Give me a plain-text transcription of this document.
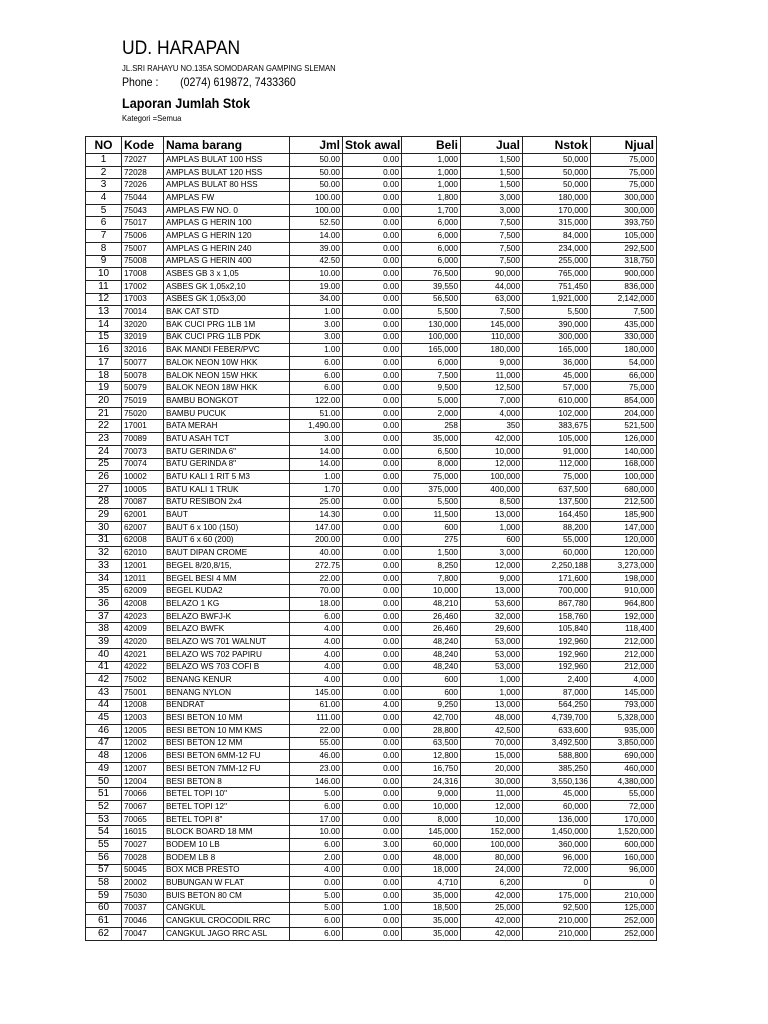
UD. HARAPAN
JL.SRI RAHAYU NO.135A SOMODARAN GAMPING SLEMAN
Phone : (0274) 619872, 7433360
Laporan Jumlah Stok
Kategori =Semua
NO	Kode	Nama barang	Jml	Stok awal	Beli	Jual	Nstok	Njual
1	72027	AMPLAS BULAT 100 HSS	50.00	0.00	1,000	1,500	50,000	75,000
2	72028	AMPLAS BULAT 120 HSS	50.00	0.00	1,000	1,500	50,000	75,000
3	72026	AMPLAS BULAT 80 HSS	50.00	0.00	1,000	1,500	50,000	75,000
4	75044	AMPLAS FW	100.00	0.00	1,800	3,000	180,000	300,000
5	75043	AMPLAS FW NO. 0	100.00	0.00	1,700	3,000	170,000	300,000
6	75017	AMPLAS G HERIN 100	52.50	0.00	6,000	7,500	315,000	393,750
7	75006	AMPLAS G HERIN 120	14.00	0.00	6,000	7,500	84,000	105,000
8	75007	AMPLAS G HERIN 240	39.00	0.00	6,000	7,500	234,000	292,500
9	75008	AMPLAS G HERIN 400	42.50	0.00	6,000	7,500	255,000	318,750
10	17008	ASBES GB 3 x 1,05	10.00	0.00	76,500	90,000	765,000	900,000
11	17002	ASBES GK 1,05x2,10	19.00	0.00	39,550	44,000	751,450	836,000
12	17003	ASBES GK 1,05x3,00	34.00	0.00	56,500	63,000	1,921,000	2,142,000
13	70014	BAK CAT STD	1.00	0.00	5,500	7,500	5,500	7,500
14	32020	BAK CUCI PRG 1LB 1M	3.00	0.00	130,000	145,000	390,000	435,000
15	32019	BAK CUCI PRG 1LB PDK	3.00	0.00	100,000	110,000	300,000	330,000
16	32016	BAK MANDI FEBER/PVC	1.00	0.00	165,000	180,000	165,000	180,000
17	50077	BALOK NEON 10W HKK	6.00	0.00	6,000	9,000	36,000	54,000
18	50078	BALOK NEON 15W HKK	6.00	0.00	7,500	11,000	45,000	66,000
19	50079	BALOK NEON 18W HKK	6.00	0.00	9,500	12,500	57,000	75,000
20	75019	BAMBU BONGKOT	122.00	0.00	5,000	7,000	610,000	854,000
21	75020	BAMBU PUCUK	51.00	0.00	2,000	4,000	102,000	204,000
22	17001	BATA MERAH	1,490.00	0.00	258	350	383,675	521,500
23	70089	BATU ASAH TCT	3.00	0.00	35,000	42,000	105,000	126,000
24	70073	BATU GERINDA 6"	14.00	0.00	6,500	10,000	91,000	140,000
25	70074	BATU GERINDA 8"	14.00	0.00	8,000	12,000	112,000	168,000
26	10002	BATU KALI 1 RIT 5 M3	1.00	0.00	75,000	100,000	75,000	100,000
27	10005	BATU KALI 1 TRUK	1.70	0.00	375,000	400,000	637,500	680,000
28	70087	BATU RESIBON 2x4	25.00	0.00	5,500	8,500	137,500	212,500
29	62001	BAUT	14.30	0.00	11,500	13,000	164,450	185,900
30	62007	BAUT 6 x 100 (150)	147.00	0.00	600	1,000	88,200	147,000
31	62008	BAUT 6 x 60 (200)	200.00	0.00	275	600	55,000	120,000
32	62010	BAUT DIPAN CROME	40.00	0.00	1,500	3,000	60,000	120,000
33	12001	BEGEL 8/20,8/15,	272.75	0.00	8,250	12,000	2,250,188	3,273,000
34	12011	BEGEL BESI 4 MM	22.00	0.00	7,800	9,000	171,600	198,000
35	62009	BEGEL KUDA2	70.00	0.00	10,000	13,000	700,000	910,000
36	42008	BELAZO 1 KG	18.00	0.00	48,210	53,600	867,780	964,800
37	42023	BELAZO BWFJ-K	6.00	0.00	26,460	32,000	158,760	192,000
38	42009	BELAZO BWFK	4.00	0.00	26,460	29,600	105,840	118,400
39	42020	BELAZO WS 701 WALNUT	4.00	0.00	48,240	53,000	192,960	212,000
40	42021	BELAZO WS 702 PAPIRU	4.00	0.00	48,240	53,000	192,960	212,000
41	42022	BELAZO WS 703 COFI B	4.00	0.00	48,240	53,000	192,960	212,000
42	75002	BENANG KENUR	4.00	0.00	600	1,000	2,400	4,000
43	75001	BENANG NYLON	145.00	0.00	600	1,000	87,000	145,000
44	12008	BENDRAT	61.00	4.00	9,250	13,000	564,250	793,000
45	12003	BESI BETON 10 MM	111.00	0.00	42,700	48,000	4,739,700	5,328,000
46	12005	BESI BETON 10 MM KMS	22.00	0.00	28,800	42,500	633,600	935,000
47	12002	BESI BETON 12 MM	55.00	0.00	63,500	70,000	3,492,500	3,850,000
48	12006	BESI BETON 6MM-12 FU	46.00	0.00	12,800	15,000	588,800	690,000
49	12007	BESI BETON 7MM-12 FU	23.00	0.00	16,750	20,000	385,250	460,000
50	12004	BESI BETON 8	146.00	0.00	24,316	30,000	3,550,136	4,380,000
51	70066	BETEL TOPI 10"	5.00	0.00	9,000	11,000	45,000	55,000
52	70067	BETEL TOPI 12"	6.00	0.00	10,000	12,000	60,000	72,000
53	70065	BETEL TOPI 8"	17.00	0.00	8,000	10,000	136,000	170,000
54	16015	BLOCK BOARD 18 MM	10.00	0.00	145,000	152,000	1,450,000	1,520,000
55	70027	BODEM 10 LB	6.00	3.00	60,000	100,000	360,000	600,000
56	70028	BODEM LB 8	2.00	0.00	48,000	80,000	96,000	160,000
57	50045	BOX MCB PRESTO	4.00	0.00	18,000	24,000	72,000	96,000
58	20002	BUBUNGAN W FLAT	0.00	0.00	4,710	6,200	0	0
59	75030	BUIS BETON 80 CM	5.00	0.00	35,000	42,000	175,000	210,000
60	70037	CANGKUL	5.00	1.00	18,500	25,000	92,500	125,000
61	70046	CANGKUL CROCODIL RRC	6.00	0.00	35,000	42,000	210,000	252,000
62	70047	CANGKUL JAGO RRC ASL	6.00	0.00	35,000	42,000	210,000	252,000
